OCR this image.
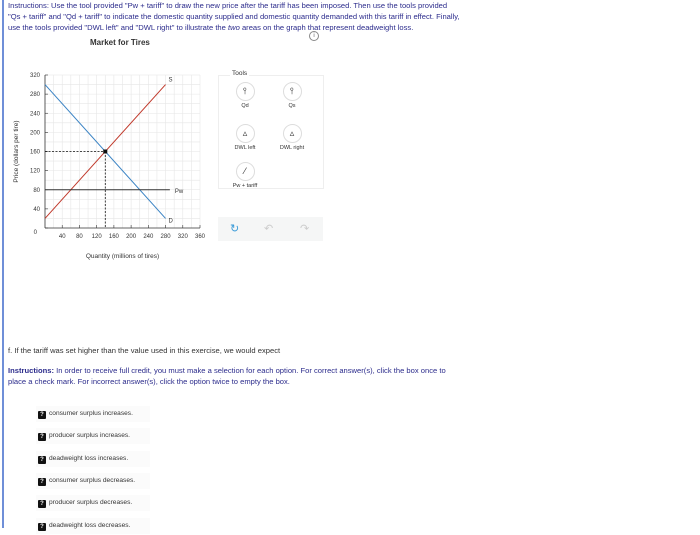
Instructions: Use the tool provided "Pw + tariff" to draw the new price after the tariff has been imposed. Then use the tools provided
"Qs + tariff" and "Qd + tariff" to indicate the domestic quantity supplied and domestic quantity demanded with this tariff in effect. Finally,
use the tools provided "DWL left" and "DWL right" to illustrate the two areas on the graph that represent deadweight loss.
i
Market for Tires
40 80 120 160 200 240 280 320 360
0
40
80
120
160
200
240
280
320
S
D
Pw
Price (dollars per tire)
Quantity (millions of tires)
Tools
⫯
Qd
⫯
Qs
▵
DWL left
▵
DWL right
⁄
Pw + tariff
↻ ↶ ↷
f. If the tariff was set higher than the value used in this exercise, we would expect
Instructions: In order to receive full credit, you must make a selection for each option. For correct answer(s), click the box once to
place a check mark. For incorrect answer(s), click the option twice to empty the box.
? consumer surplus increases.
? producer surplus increases.
? deadweight loss increases.
? consumer surplus decreases.
? producer surplus decreases.
? deadweight loss decreases.
